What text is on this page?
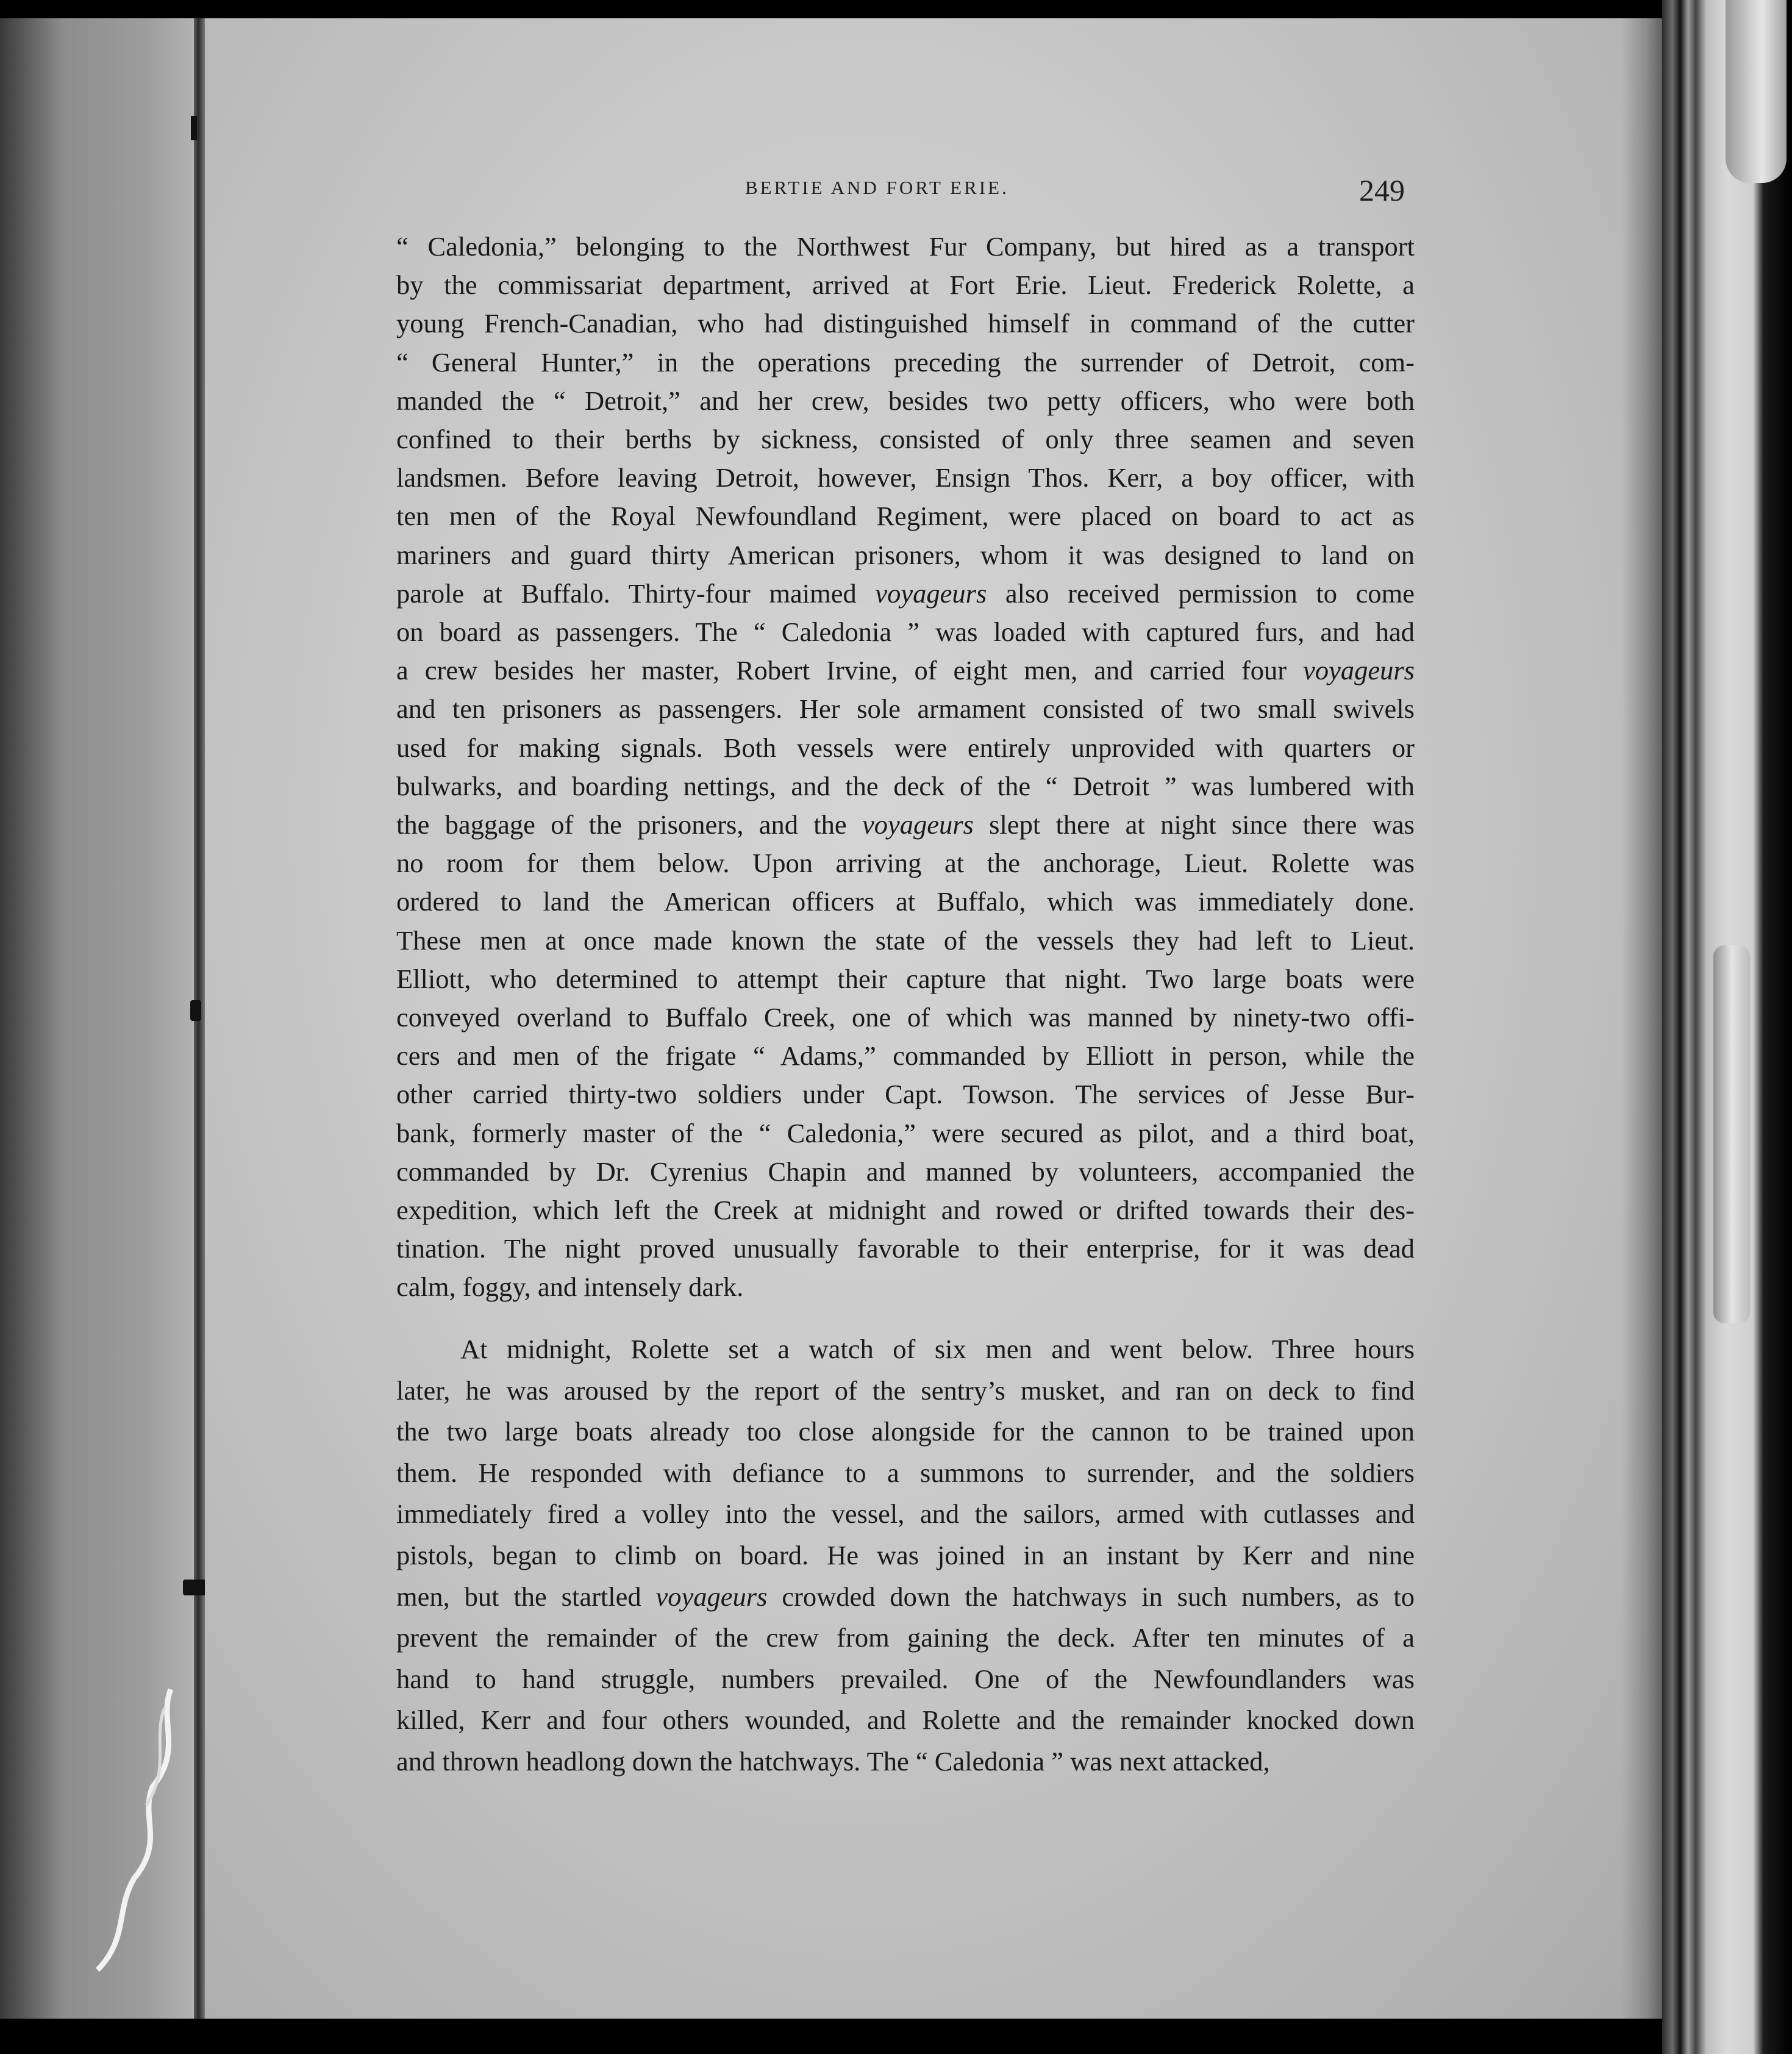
BERTIE AND FORT ERIE.	249
“ Caledonia,” belonging to the Northwest Fur Company, but hired as a transport
by the commissariat department, arrived at Fort Erie. Lieut. Frederick Rolette, a
young French-Canadian, who had distinguished himself in command of the cutter
“ General Hunter,” in the operations preceding the surrender of Detroit, com-
manded the “ Detroit,” and her crew, besides two petty officers, who were both
confined to their berths by sickness, consisted of only three seamen and seven
landsmen. Before leaving Detroit, however, Ensign Thos. Kerr, a boy officer, with
ten men of the Royal Newfoundland Regiment, were placed on board to act as
mariners and guard thirty American prisoners, whom it was designed to land on
parole at Buffalo. Thirty-four maimed voyageurs also received permission to come
on board as passengers. The “ Caledonia ” was loaded with captured furs, and had
a crew besides her master, Robert Irvine, of eight men, and carried four voyageurs
and ten prisoners as passengers. Her sole armament consisted of two small swivels
used for making signals. Both vessels were entirely unprovided with quarters or
bulwarks, and boarding nettings, and the deck of the “ Detroit ” was lumbered with
the baggage of the prisoners, and the voyageurs slept there at night since there was
no room for them below. Upon arriving at the anchorage, Lieut. Rolette was
ordered to land the American officers at Buffalo, which was immediately done.
These men at once made known the state of the vessels they had left to Lieut.
Elliott, who determined to attempt their capture that night. Two large boats were
conveyed overland to Buffalo Creek, one of which was manned by ninety-two offi-
cers and men of the frigate “ Adams,” commanded by Elliott in person, while the
other carried thirty-two soldiers under Capt. Towson. The services of Jesse Bur-
bank, formerly master of the “ Caledonia,” were secured as pilot, and a third boat,
commanded by Dr. Cyrenius Chapin and manned by volunteers, accompanied the
expedition, which left the Creek at midnight and rowed or drifted towards their des-
tination. The night proved unusually favorable to their enterprise, for it was dead
calm, foggy, and intensely dark.
At midnight, Rolette set a watch of six men and went below. Three hours
later, he was aroused by the report of the sentry’s musket, and ran on deck to find
the two large boats already too close alongside for the cannon to be trained upon
them. He responded with defiance to a summons to surrender, and the soldiers
immediately fired a volley into the vessel, and the sailors, armed with cutlasses and
pistols, began to climb on board. He was joined in an instant by Kerr and nine
men, but the startled voyageurs crowded down the hatchways in such numbers, as to
prevent the remainder of the crew from gaining the deck. After ten minutes of a
hand to hand struggle, numbers prevailed. One of the Newfoundlanders was
killed, Kerr and four others wounded, and Rolette and the remainder knocked down
and thrown headlong down the hatchways. The “ Caledonia ” was next attacked,
